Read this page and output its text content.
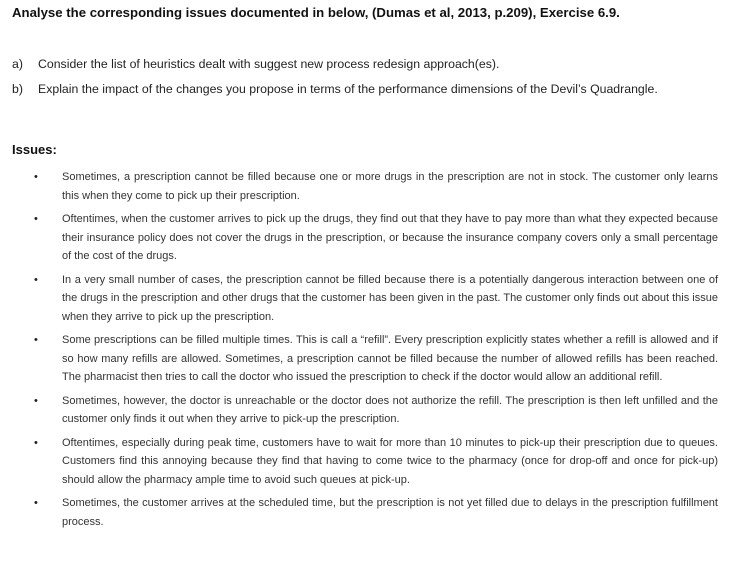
Analyse the corresponding issues documented in below, (Dumas et al, 2013, p.209), Exercise 6.9.
a)	Consider the list of heuristics dealt with suggest new process redesign approach(es).
b)	Explain the impact of the changes you propose in terms of the performance dimensions of the Devil’s Quadrangle.
Issues:
•	Sometimes, a prescription cannot be filled because one or more drugs in the prescription are not in stock. The customer only learns this when they come to pick up their prescription.
•	Oftentimes, when the customer arrives to pick up the drugs, they find out that they have to pay more than what they expected because their insurance policy does not cover the drugs in the prescription, or because the insurance company covers only a small percentage of the cost of the drugs.
•	In a very small number of cases, the prescription cannot be filled because there is a potentially dangerous interaction between one of the drugs in the prescription and other drugs that the customer has been given in the past. The customer only finds out about this issue when they arrive to pick up the prescription.
•	Some prescriptions can be filled multiple times. This is call a “refill”. Every prescription explicitly states whether a refill is allowed and if so how many refills are allowed. Sometimes, a prescription cannot be filled because the number of allowed refills has been reached. The pharmacist then tries to call the doctor who issued the prescription to check if the doctor would allow an additional refill.
•	Sometimes, however, the doctor is unreachable or the doctor does not authorize the refill. The prescription is then left unfilled and the customer only finds it out when they arrive to pick-up the prescription.
•	Oftentimes, especially during peak time, customers have to wait for more than 10 minutes to pick-up their prescription due to queues. Customers find this annoying because they find that having to come twice to the pharmacy (once for drop-off and once for pick-up) should allow the pharmacy ample time to avoid such queues at pick-up.
•	Sometimes, the customer arrives at the scheduled time, but the prescription is not yet filled due to delays in the prescription fulfillment process.
